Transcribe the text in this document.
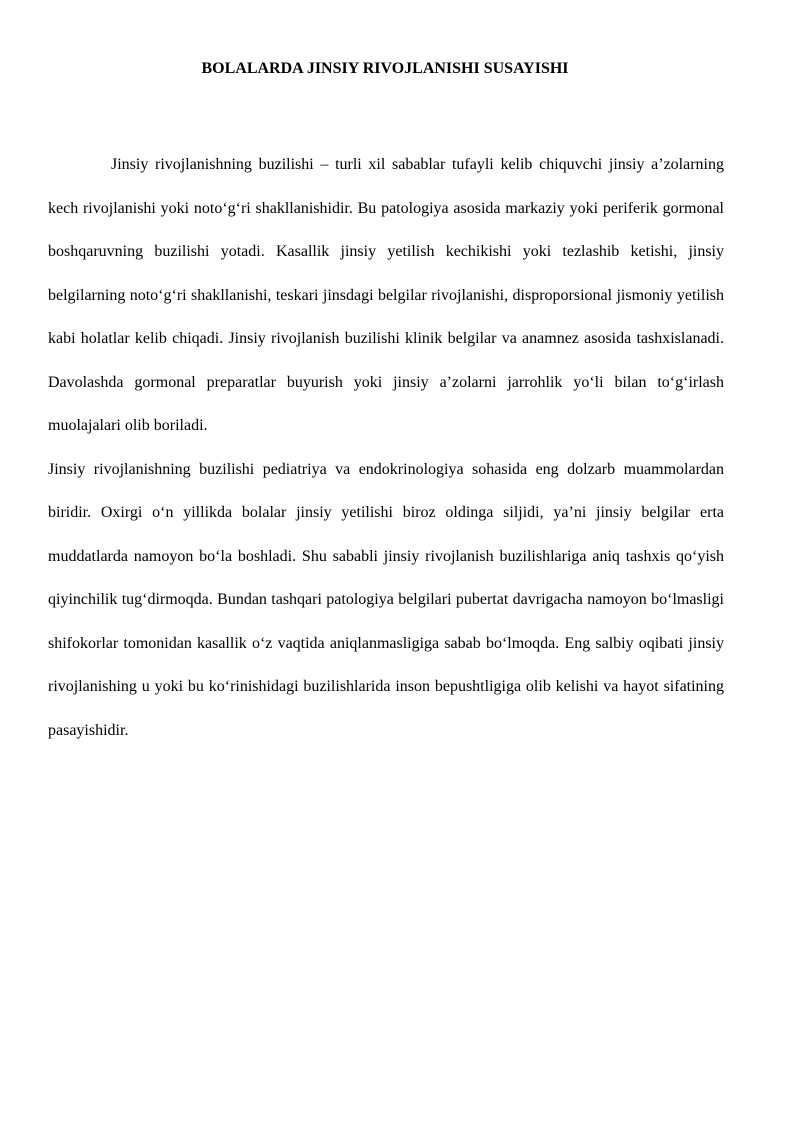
BOLALARDA JINSIY RIVOJLANISHI SUSAYISHI

Jinsiy rivojlanishning buzilishi – turli xil sabablar tufayli kelib chiquvchi jinsiy a’zolarning kech rivojlanishi yoki noto‘g‘ri shakllanishidir. Bu patologiya asosida markaziy yoki periferik gormonal boshqaruvning buzilishi yotadi. Kasallik jinsiy yetilish kechikishi yoki tezlashib ketishi, jinsiy belgilarning noto‘g‘ri shakllanishi, teskari jinsdagi belgilar rivojlanishi, disproporsional jismoniy yetilish kabi holatlar kelib chiqadi. Jinsiy rivojlanish buzilishi klinik belgilar va anamnez asosida tashxislanadi. Davolashda gormonal preparatlar buyurish yoki jinsiy a’zolarni jarrohlik yo‘li bilan to‘g‘irlash muolajalari olib boriladi.

Jinsiy rivojlanishning buzilishi pediatriya va endokrinologiya sohasida eng dolzarb muammolardan biridir. Oxirgi o‘n yillikda bolalar jinsiy yetilishi biroz oldinga siljidi, ya’ni jinsiy belgilar erta muddatlarda namoyon bo‘la boshladi. Shu sababli jinsiy rivojlanish buzilishlariga aniq tashxis qo‘yish qiyinchilik tug‘dirmoqda. Bundan tashqari patologiya belgilari pubertat davrigacha namoyon bo‘lmasligi shifokorlar tomonidan kasallik o‘z vaqtida aniqlanmasligiga sabab bo‘lmoqda. Eng salbiy oqibati jinsiy rivojlanishing u yoki bu ko‘rinishidagi buzilishlarida inson bepushtligiga olib kelishi va hayot sifatining pasayishidir.
